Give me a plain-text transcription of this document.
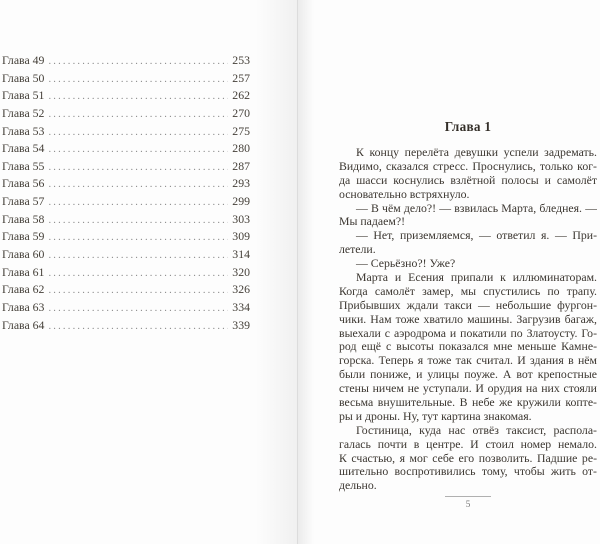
Глава 49 .....	253
Глава 50 .....	257
Глава 51 .....	262
Глава 52 .....	270
Глава 53 .....	275
Глава 54 .....	280
Глава 55 .....	287
Глава 56 .....	293
Глава 57 .....	299
Глава 58 .....	303
Глава 59 .....	309
Глава 60 .....	314
Глава 61 .....	320
Глава 62 .....	326
Глава 63 .....	334
Глава 64 .....	339
Глава 1
К концу перелёта девушки успели задремать.
Видимо, сказался стресс. Проснулись, только ког-
да шасси коснулись взлётной полосы и самолёт
основательно встряхнуло.
— В чём дело?! — взвилась Марта, бледнея. —
Мы падаем?!
— Нет, приземляемся, — ответил я. — При-
летели.
— Серьёзно?! Уже?
Марта и Есения припали к иллюминаторам.
Когда самолёт замер, мы спустились по трапу.
Прибывших ждали такси — небольшие фургон-
чики. Нам тоже хватило машины. Загрузив багаж,
выехали с аэродрома и покатили по Златоусту. Го-
род ещё с высоты показался мне меньше Камне-
горска. Теперь я тоже так считал. И здания в нём
были пониже, и улицы поуже. А вот крепостные
стены ничем не уступали. И орудия на них стояли
весьма внушительные. В небе же кружили копте-
ры и дроны. Ну, тут картина знакомая.
Гостиница, куда нас отвёз таксист, распола-
галась почти в центре. И стоил номер немало.
К счастью, я мог себе его позволить. Падшие ре-
шительно воспротивились тому, чтобы жить от-
дельно.
5
